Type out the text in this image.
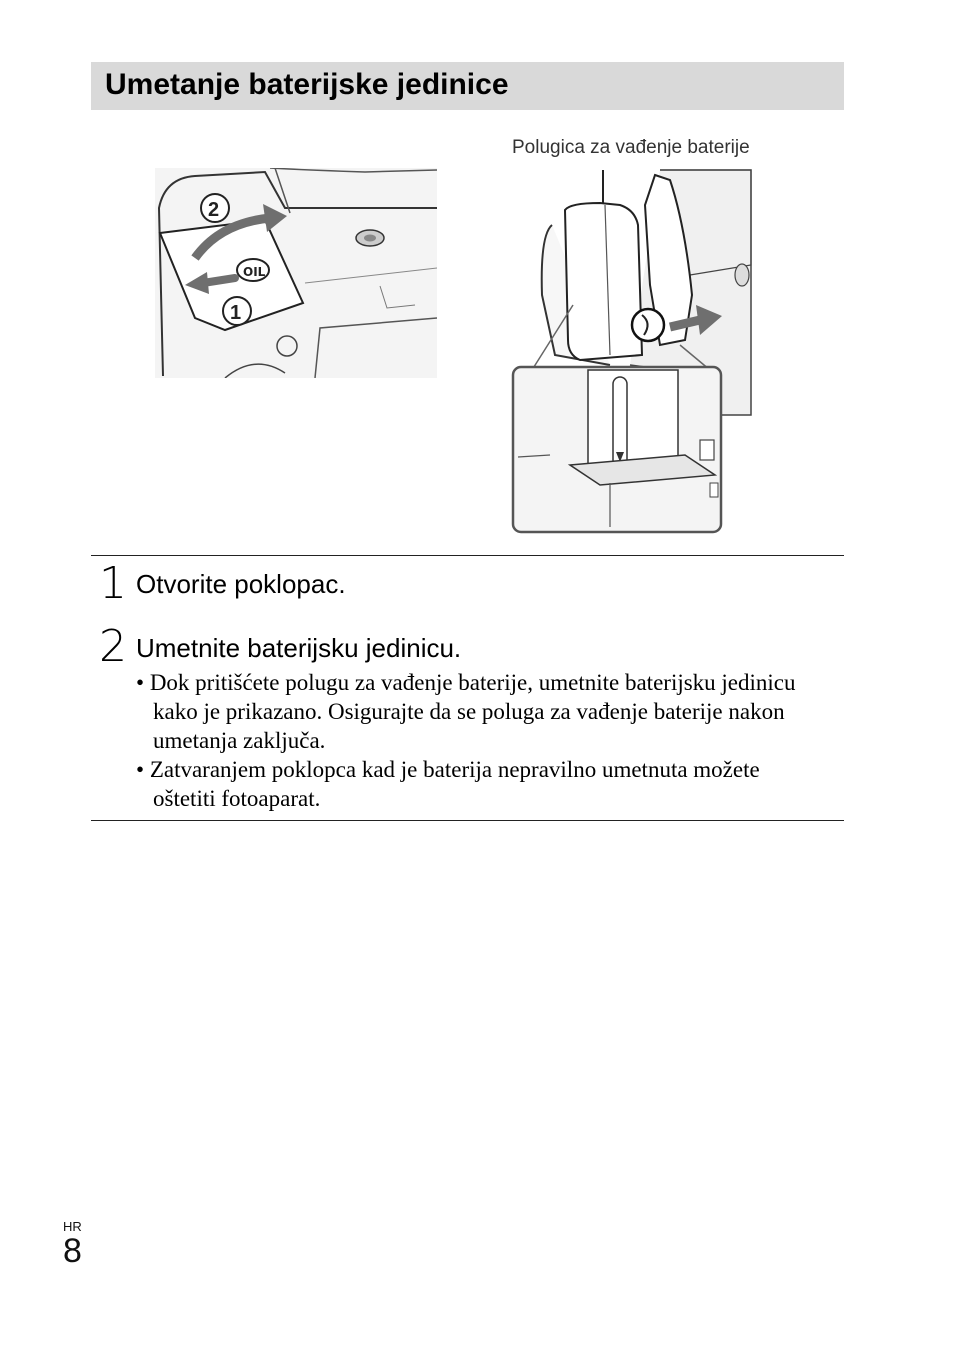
Umetanje baterijske jedinice
OIL
2
1
Polugica za vađenje baterije
1 Otvorite poklopac.
2 Umetnite baterijsku jedinicu.
• Dok pritišćete polugu za vađenje baterije, umetnite baterijsku jedinicu kako je prikazano. Osigurajte da se poluga za vađenje baterije nakon umetanja zaključa.
• Zatvaranjem poklopca kad je baterija nepravilno umetnuta možete oštetiti fotoaparat.
HR
8
